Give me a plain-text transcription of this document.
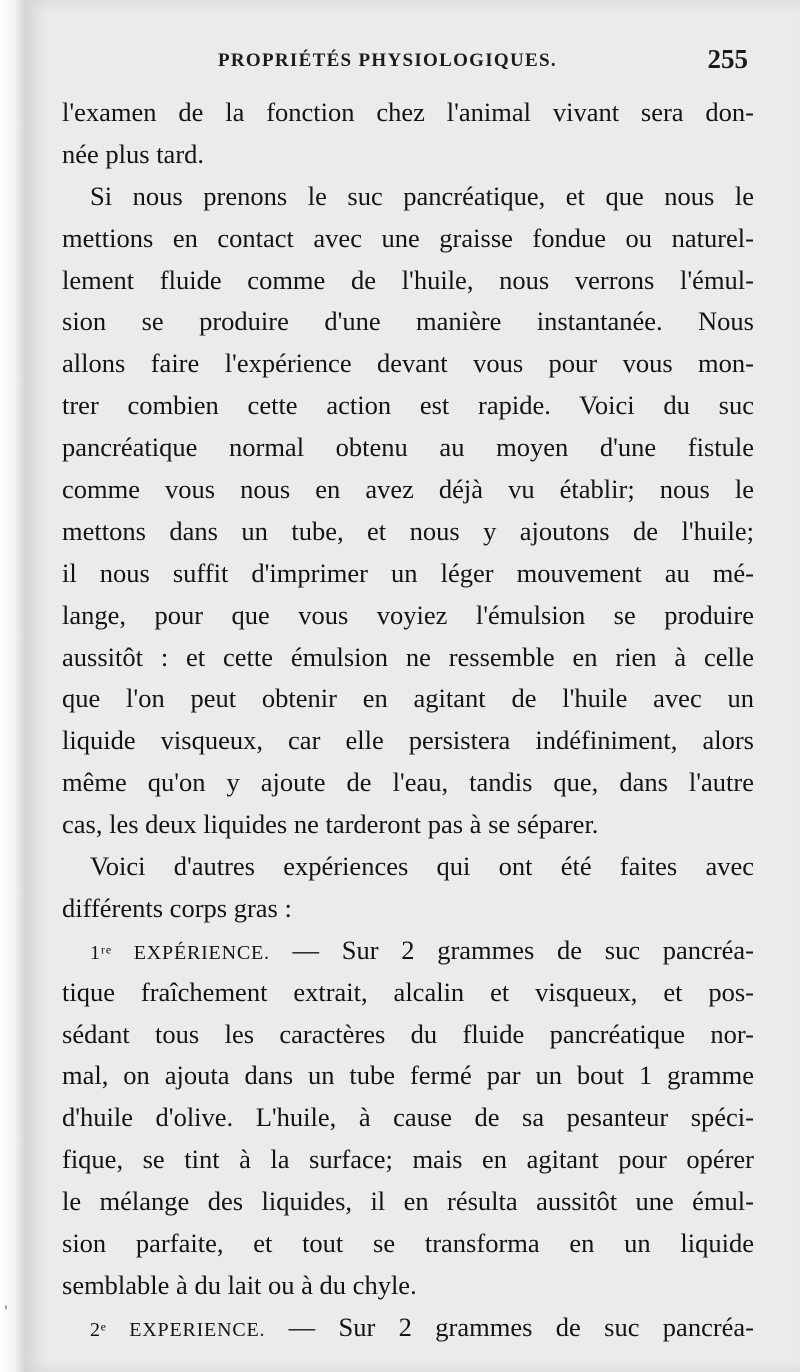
PROPRIÉTÉS PHYSIOLOGIQUES.	255
l'examen de la fonction chez l'animal vivant sera don-
née plus tard.
Si nous prenons le suc pancréatique, et que nous le
mettions en contact avec une graisse fondue ou naturel-
lement fluide comme de l'huile, nous verrons l'émul-
sion se produire d'une manière instantanée. Nous
allons faire l'expérience devant vous pour vous mon-
trer combien cette action est rapide. Voici du suc
pancréatique normal obtenu au moyen d'une fistule
comme vous nous en avez déjà vu établir; nous le
mettons dans un tube, et nous y ajoutons de l'huile;
il nous suffit d'imprimer un léger mouvement au mé-
lange, pour que vous voyiez l'émulsion se produire
aussitôt : et cette émulsion ne ressemble en rien à celle
que l'on peut obtenir en agitant de l'huile avec un
liquide visqueux, car elle persistera indéfiniment, alors
même qu'on y ajoute de l'eau, tandis que, dans l'autre
cas, les deux liquides ne tarderont pas à se séparer.
Voici d'autres expériences qui ont été faites avec
différents corps gras :
1ʳᵉ EXPÉRIENCE. — Sur 2 grammes de suc pancréa-
tique fraîchement extrait, alcalin et visqueux, et pos-
sédant tous les caractères du fluide pancréatique nor-
mal, on ajouta dans un tube fermé par un bout 1 gramme
d'huile d'olive. L'huile, à cause de sa pesanteur spéci-
fique, se tint à la surface; mais en agitant pour opérer
le mélange des liquides, il en résulta aussitôt une émul-
sion parfaite, et tout se transforma en un liquide
semblable à du lait ou à du chyle.
2ᵉ EXPERIENCE. — Sur 2 grammes de suc pancréa-
'
